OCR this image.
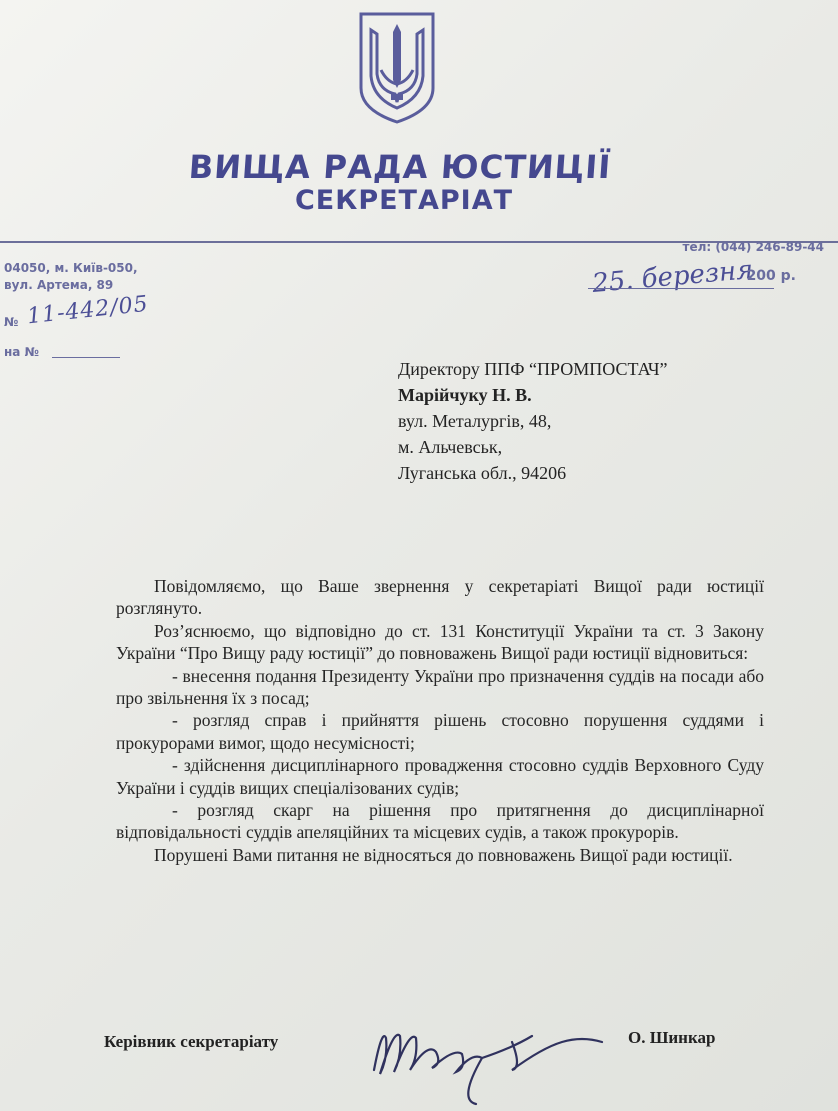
ВИЩА РАДА ЮСТИЦІЇ
СЕКРЕТАРІАТ
тел: (044) 246-89-44
04050, м. Київ-050,
вул. Артема, 89
№ 11-442/05
25. березня
200 р.
на №
Директору ППФ “ПРОМПОСТАЧ”
Марійчуку Н. В.
вул. Металургів, 48,
м. Альчевськ,
Луганська обл., 94206

Повідомляємо, що Ваше звернення у секретаріаті Вищої ради юстиції розглянуто.

Роз’яснюємо, що відповідно до ст. 131 Конституції України та ст. 3 Закону України “Про Вищу раду юстиції” до повноважень Вищої ради юстиції відновиться:

- внесення подання Президенту України про призначення суддів на посади або про звільнення їх з посад;

- розгляд справ і прийняття рішень стосовно порушення суддями і прокурорами вимог, щодо несумісності;

- здійснення дисциплінарного провадження стосовно суддів Верховного Суду України і суддів вищих спеціалізованих судів;

- розгляд скарг на рішення про притягнення до дисциплінарної відповідальності суддів апеляційних та місцевих судів, а також прокурорів.

Порушені Вами питання не відносяться до повноважень Вищої ради юстиції.

Керівник секретаріату	О. Шинкар
